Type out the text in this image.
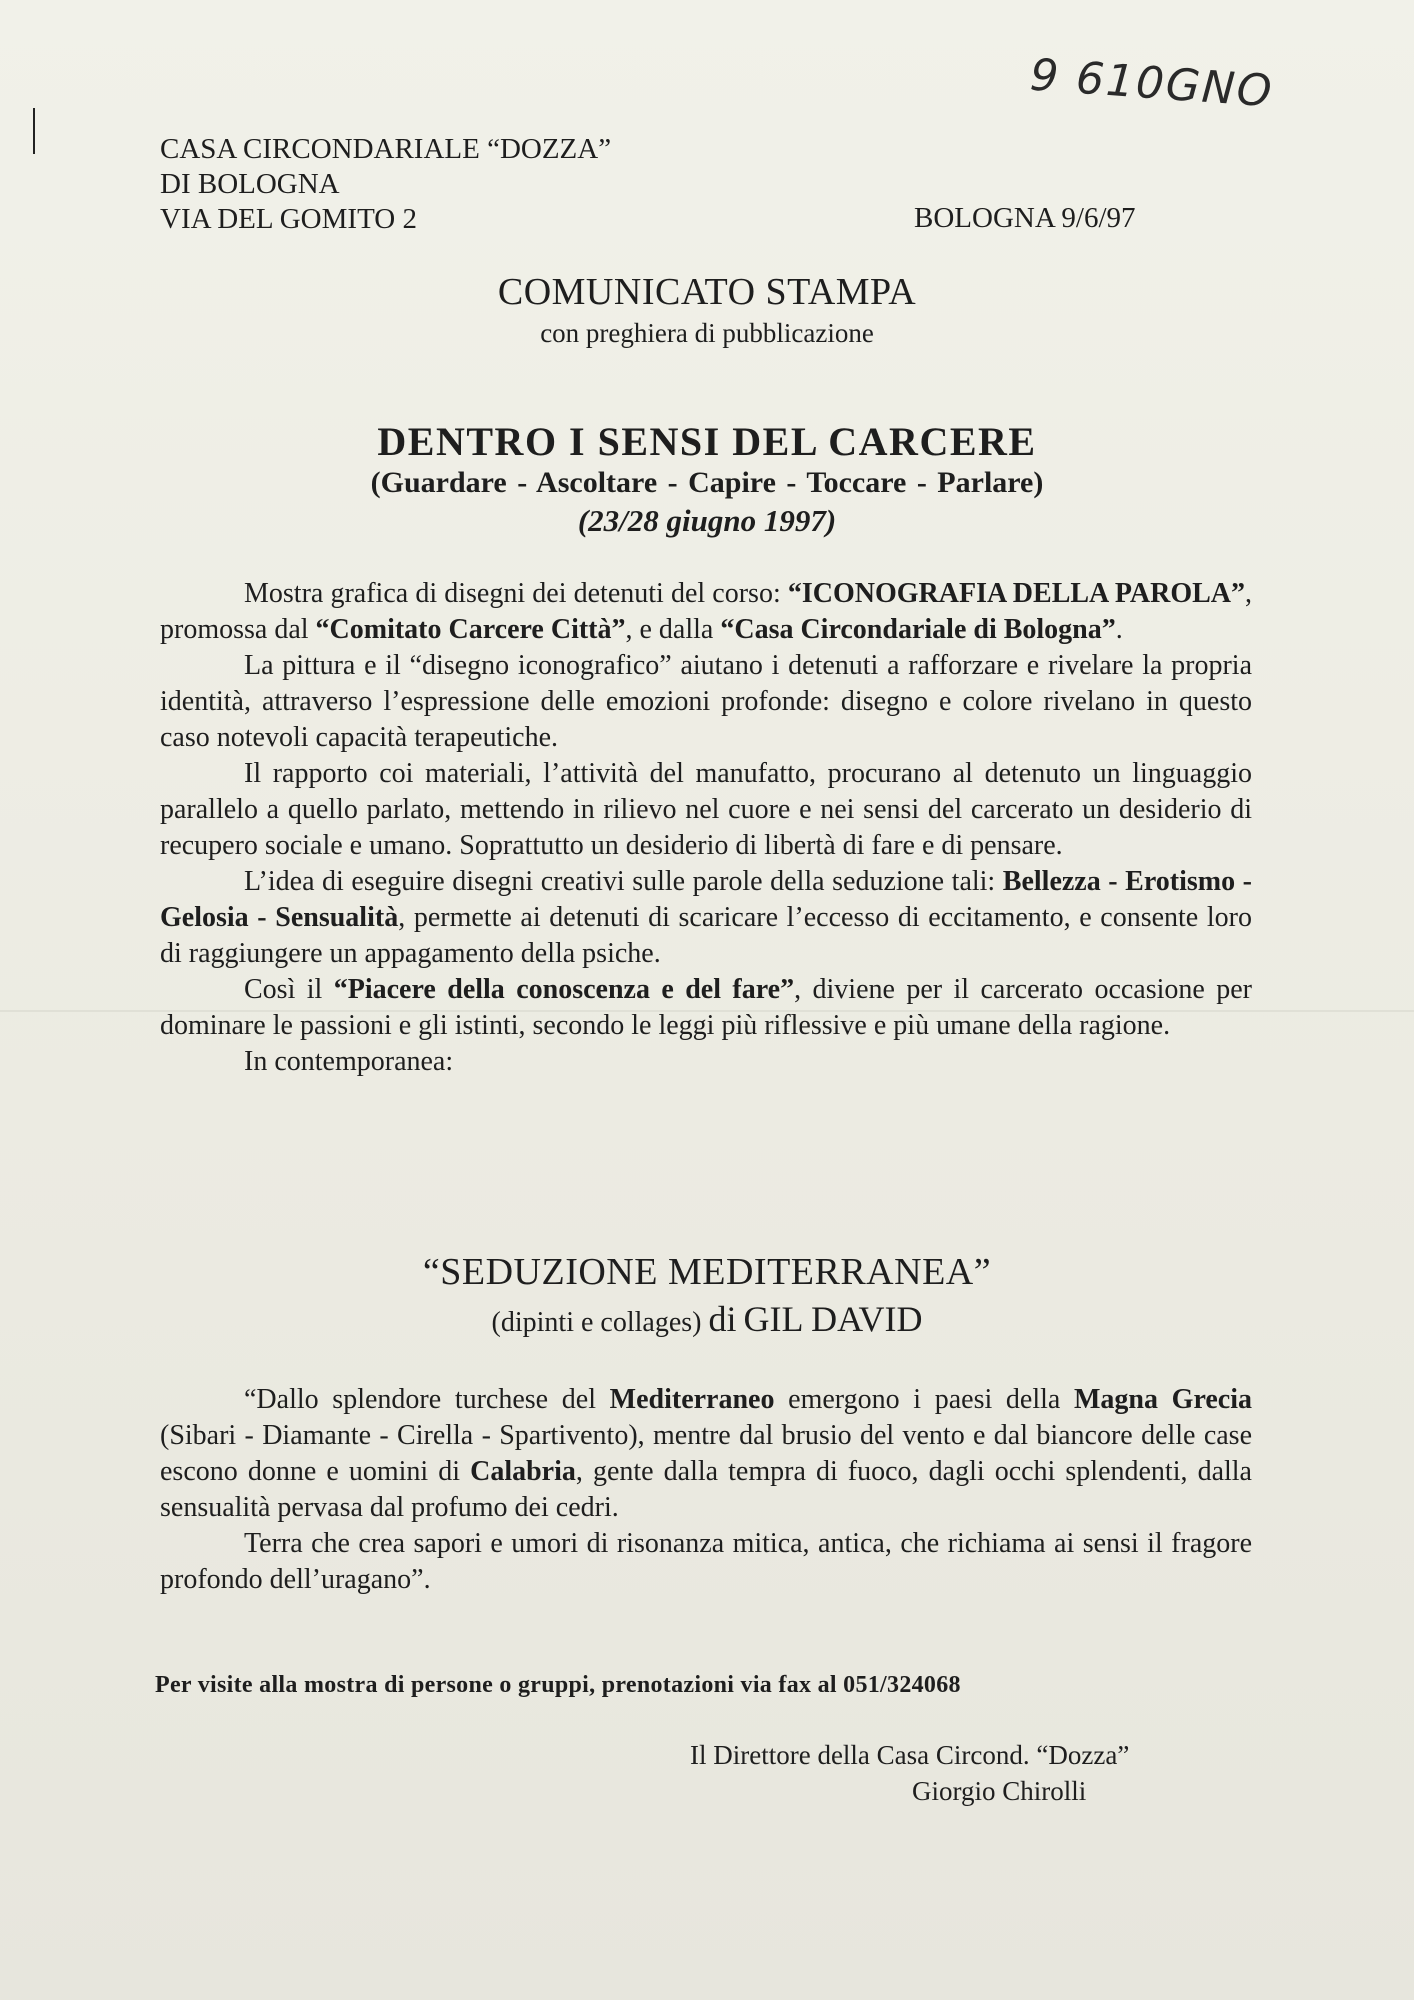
9 610GNO
CASA CIRCONDARIALE “DOZZA”
DI BOLOGNA
VIA DEL GOMITO 2	BOLOGNA 9/6/97
COMUNICATO STAMPA
con preghiera di pubblicazione
DENTRO I SENSI DEL CARCERE
(Guardare - Ascoltare - Capire - Toccare - Parlare)
(23/28 giugno 1997)

Mostra grafica di disegni dei detenuti del corso: “ICONOGRAFIA DELLA PAROLA”, promossa dal “Comitato Carcere Città”, e dalla “Casa Circondariale di Bologna”.

La pittura e il “disegno iconografico” aiutano i detenuti a rafforzare e rivelare la propria identità, attraverso l’espressione delle emozioni profonde: disegno e colore rivelano in questo caso notevoli capacità terapeutiche.

Il rapporto coi materiali, l’attività del manufatto, procurano al detenuto un linguaggio parallelo a quello parlato, mettendo in rilievo nel cuore e nei sensi del carcerato un desiderio di recupero sociale e umano. Soprattutto un desiderio di libertà di fare e di pensare.

L’idea di eseguire disegni creativi sulle parole della seduzione tali: Bellezza - Erotismo - Gelosia - Sensualità, permette ai detenuti di scaricare l’eccesso di eccitamento, e consente loro di raggiungere un appagamento della psiche.

Così il “Piacere della conoscenza e del fare”, diviene per il carcerato occasione per dominare le passioni e gli istinti, secondo le leggi più riflessive e più umane della ragione.

In contemporanea:

“SEDUZIONE MEDITERRANEA”
(dipinti e collages) di GIL DAVID

“Dallo splendore turchese del Mediterraneo emergono i paesi della Magna Grecia (Sibari - Diamante - Cirella - Spartivento), mentre dal brusio del vento e dal biancore delle case escono donne e uomini di Calabria, gente dalla tempra di fuoco, dagli occhi splendenti, dalla sensualità pervasa dal profumo dei cedri.

Terra che crea sapori e umori di risonanza mitica, antica, che richiama ai sensi il fragore profondo dell’uragano”.

Per visite alla mostra di persone o gruppi, prenotazioni via fax al 051/324068
Il Direttore della Casa Circond. “Dozza”
Giorgio Chirolli
